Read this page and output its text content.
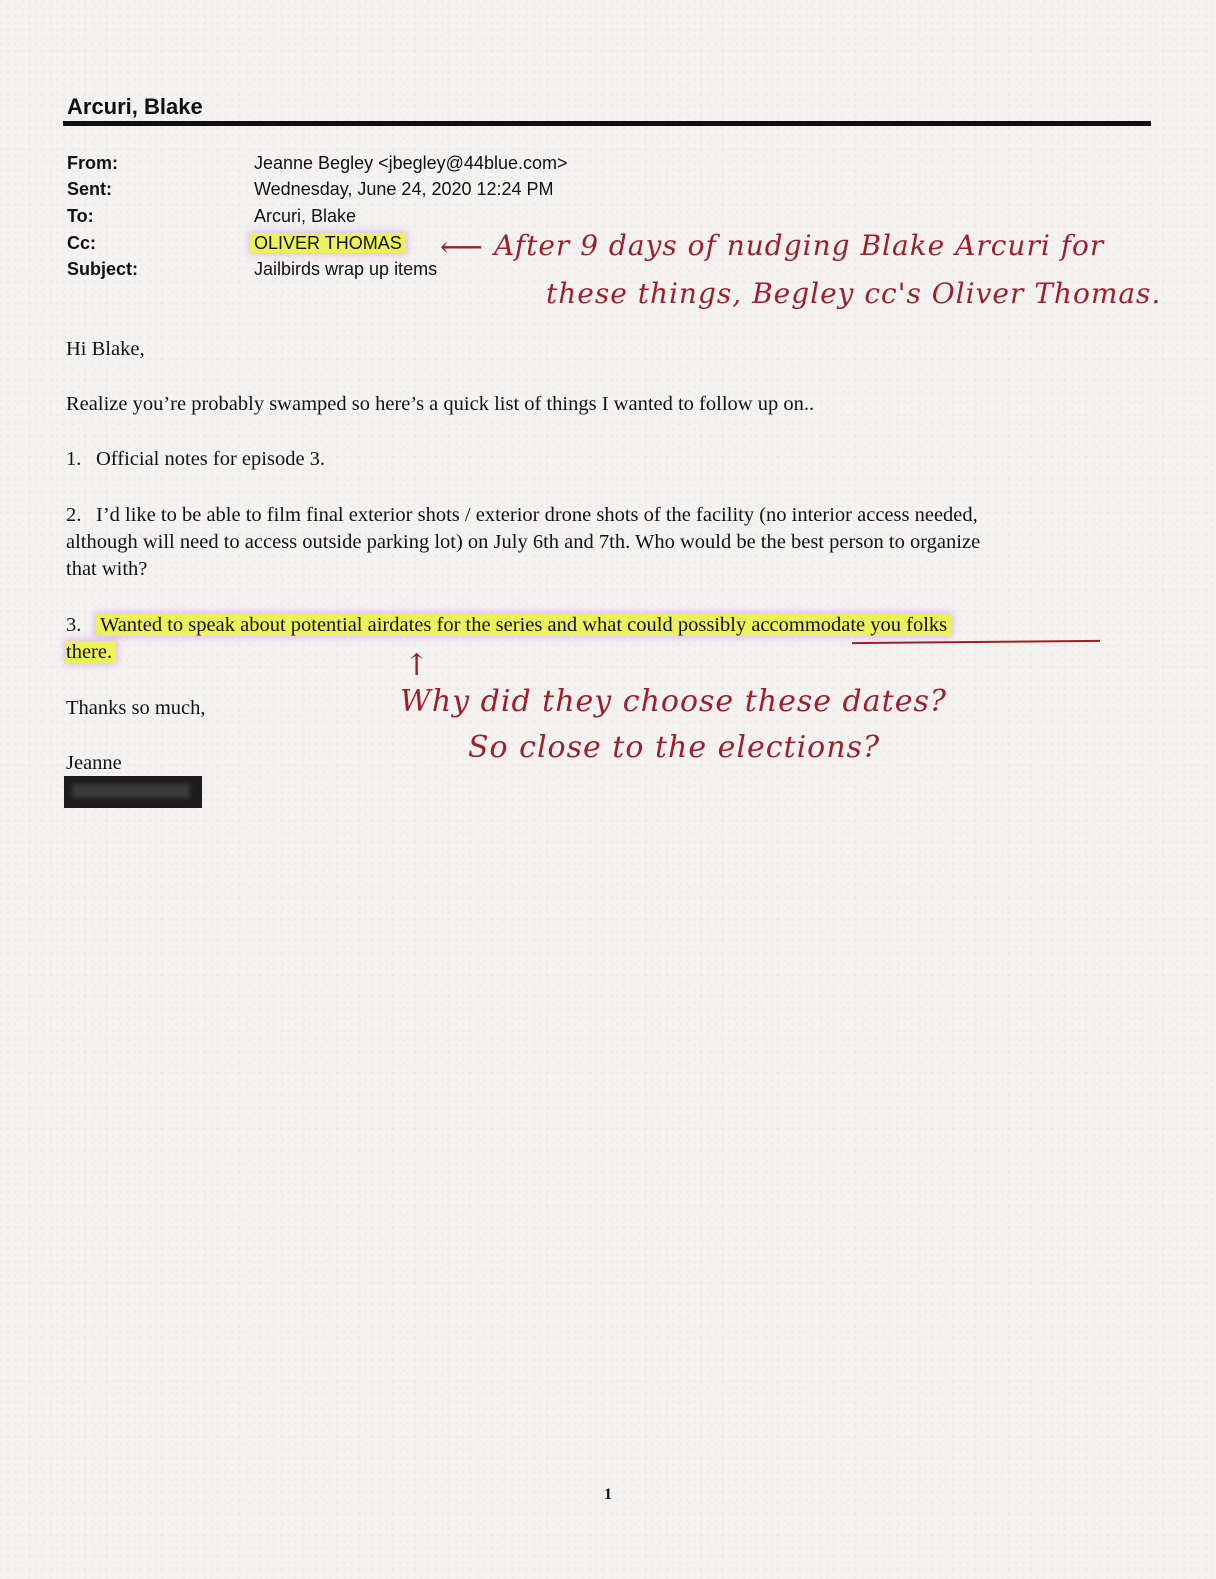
Arcuri, Blake
From:	Jeanne Begley <jbegley@44blue.com>
Sent:	Wednesday, June 24, 2020 12:24 PM
To:	Arcuri, Blake
Cc:	OLIVER THOMAS
Subject:	Jailbirds wrap up items
⟵ After 9 days of nudging Blake Arcuri for
these things, Begley cc's Oliver Thomas.
Hi Blake,
Realize you’re probably swamped so here’s a quick list of things I wanted to follow up on..
1. Official notes for episode 3.
2. I’d like to be able to film final exterior shots / exterior drone shots of the facility (no interior access needed,
although will need to access outside parking lot) on July 6th and 7th. Who would be the best person to organize
that with?
3. Wanted to speak about potential airdates for the series and what could possibly accommodate you folks
there.	↑
Why did they choose these dates?
So close to the elections?
Thanks so much,
Jeanne
1
